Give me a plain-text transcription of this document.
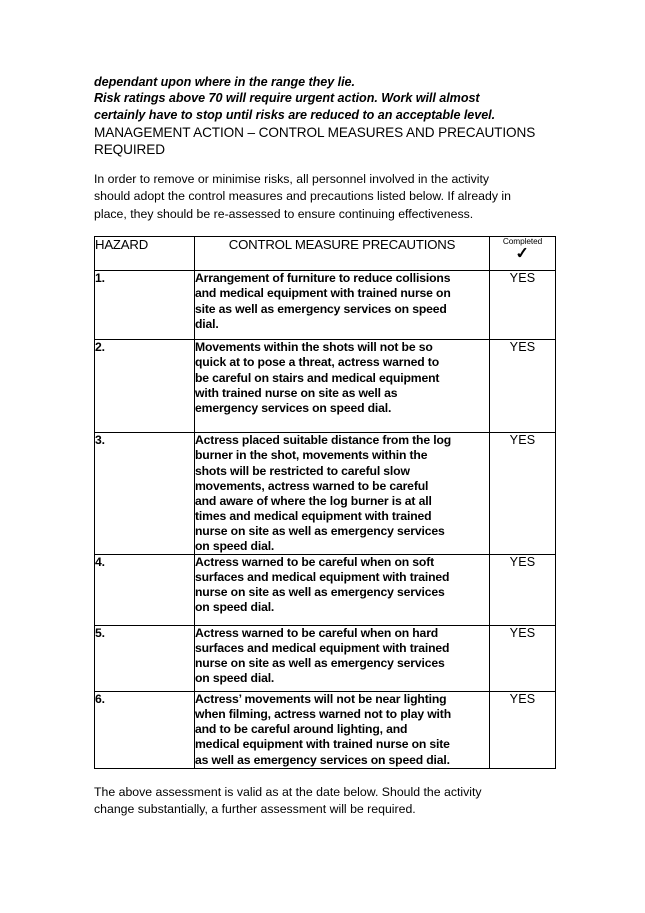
dependant upon where in the range they lie.
Risk ratings above 70 will require urgent action. Work will almost
certainly have to stop until risks are reduced to an acceptable level.
MANAGEMENT ACTION – CONTROL MEASURES AND PRECAUTIONS
REQUIRED
In order to remove or minimise risks, all personnel involved in the activity
should adopt the control measures and precautions listed below. If already in
place, they should be re-assessed to ensure continuing effectiveness.
HAZARD	CONTROL MEASURE PRECAUTIONS	Completed
✓

1.	Arrangement of furniture to reduce collisions
and medical equipment with trained nurse on
site as well as emergency services on speed
dial.	YES
2.	Movements within the shots will not be so
quick at to pose a threat, actress warned to
be careful on stairs and medical equipment
with trained nurse on site as well as
emergency services on speed dial.	YES
3.	Actress placed suitable distance from the log
burner in the shot, movements within the
shots will be restricted to careful slow
movements, actress warned to be careful
and aware of where the log burner is at all
times and medical equipment with trained
nurse on site as well as emergency services
on speed dial.
	YES
4.	Actress warned to be careful when on soft
surfaces and medical equipment with trained
nurse on site as well as emergency services
on speed dial.	YES
5.	Actress warned to be careful when on hard
surfaces and medical equipment with trained
nurse on site as well as emergency services
on speed dial.	YES
6.	Actress’ movements will not be near lighting
when filming, actress warned not to play with
and to be careful around lighting, and
medical equipment with trained nurse on site
as well as emergency services on speed dial.	YES
The above assessment is valid as at the date below. Should the activity
change substantially, a further assessment will be required.
